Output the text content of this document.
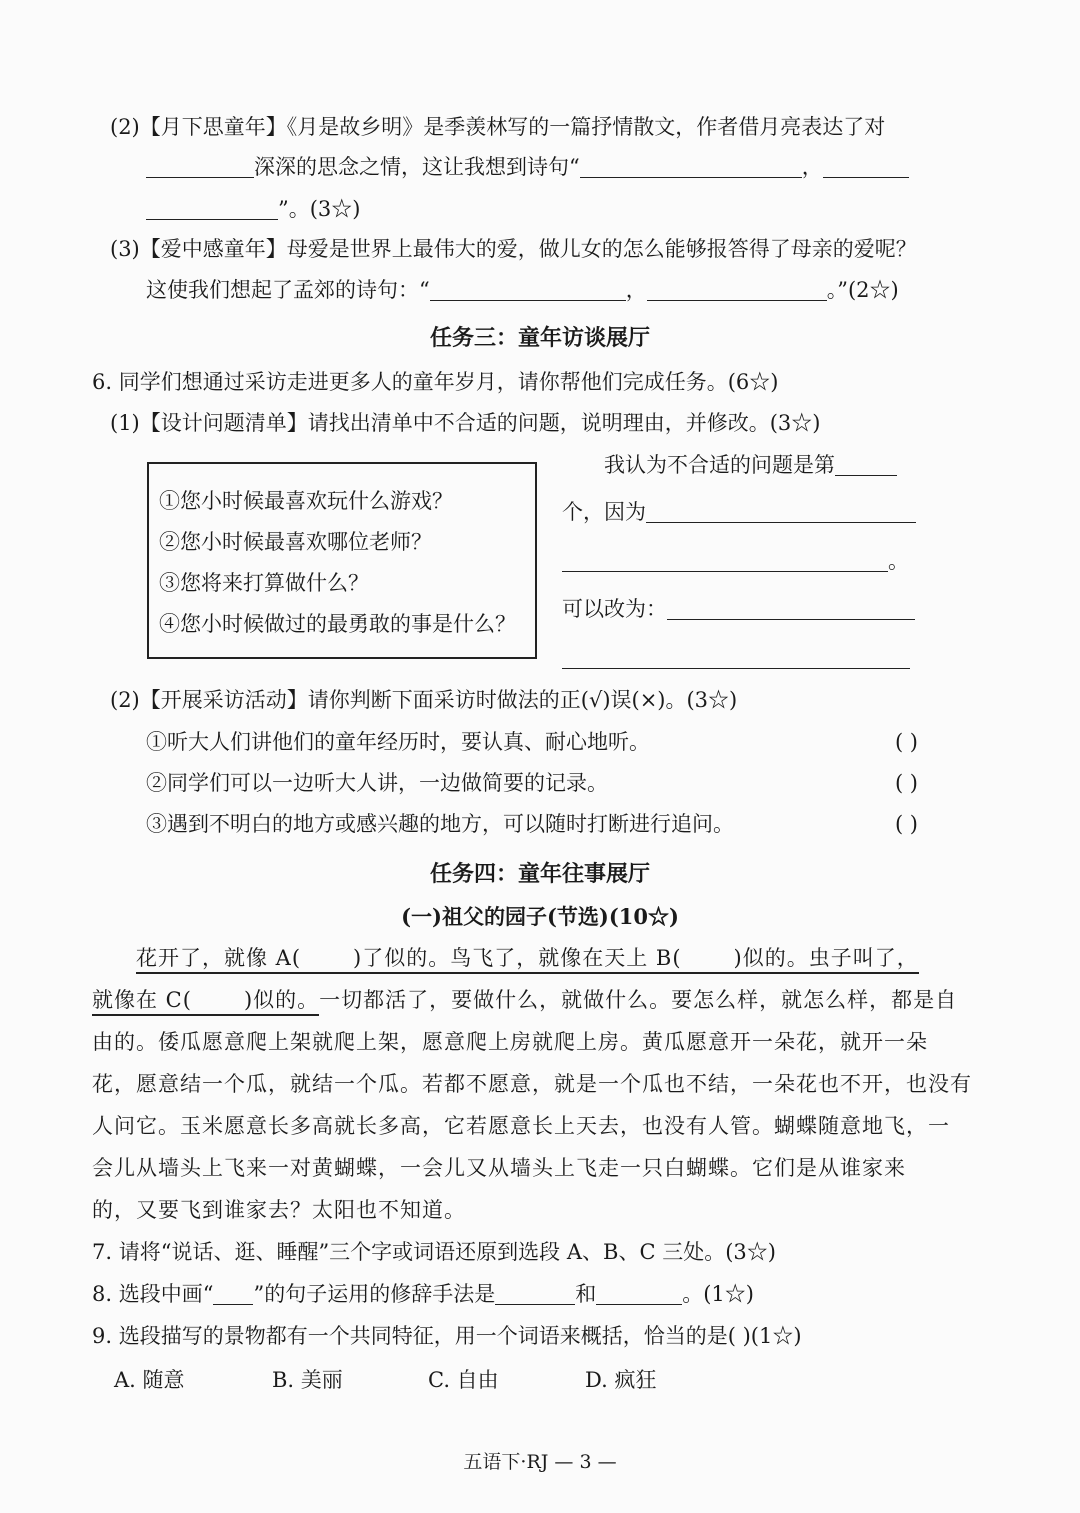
(2)【月下思童年】《月是故乡明》是季羡林写的一篇抒情散文，作者借月亮表达了对
深深的思念之情，这让我想到诗句“	，
”。(3☆)
(3)【爱中感童年】母爱是世界上最伟大的爱，做儿女的怎么能够报答得了母亲的爱呢？
这使我们想起了孟郊的诗句：“	，	。”(2☆)
任务三：童年访谈展厅
6. 同学们想通过采访走进更多人的童年岁月，请你帮他们完成任务。(6☆)
(1)【设计问题清单】请找出清单中不合适的问题，说明理由，并修改。(3☆)
①您小时候最喜欢玩什么游戏？
②您小时候最喜欢哪位老师？
③您将来打算做什么？
④您小时候做过的最勇敢的事是什么？
我认为不合适的问题是第
个，因为
。
可以改为：
(2)【开展采访活动】请你判断下面采访时做法的正(√)误(×)。(3☆)
①听大人们讲他们的童年经历时，要认真、耐心地听。	( )
②同学们可以一边听大人讲，一边做简要的记录。	( )
③遇到不明白的地方或感兴趣的地方，可以随时打断进行追问。	( )
任务四：童年往事展厅
(一)祖父的园子(节选)(10☆)
花开了，就像 A( )了似的。鸟飞了，就像在天上 B( )似的。虫子叫了，
就像在 C( )似的。一切都活了，要做什么，就做什么。要怎么样，就怎么样，都是自
由的。倭瓜愿意爬上架就爬上架，愿意爬上房就爬上房。黄瓜愿意开一朵花，就开一朵
花，愿意结一个瓜，就结一个瓜。若都不愿意，就是一个瓜也不结，一朵花也不开，也没有
人问它。玉米愿意长多高就长多高，它若愿意长上天去，也没有人管。蝴蝶随意地飞，一
会儿从墙头上飞来一对黄蝴蝶，一会儿又从墙头上飞走一只白蝴蝶。它们是从谁家来
的，又要飞到谁家去？太阳也不知道。
7. 请将“说话、逛、睡醒”三个字或词语还原到选段 A、B、C 三处。(3☆)
8. 选段中画“ ”的句子运用的修辞手法是	和	。(1☆)
9. 选段描写的景物都有一个共同特征，用一个词语来概括，恰当的是( )(1☆)
A. 随意	B. 美丽	C. 自由	D. 疯狂
五语下·RJ — 3 —
